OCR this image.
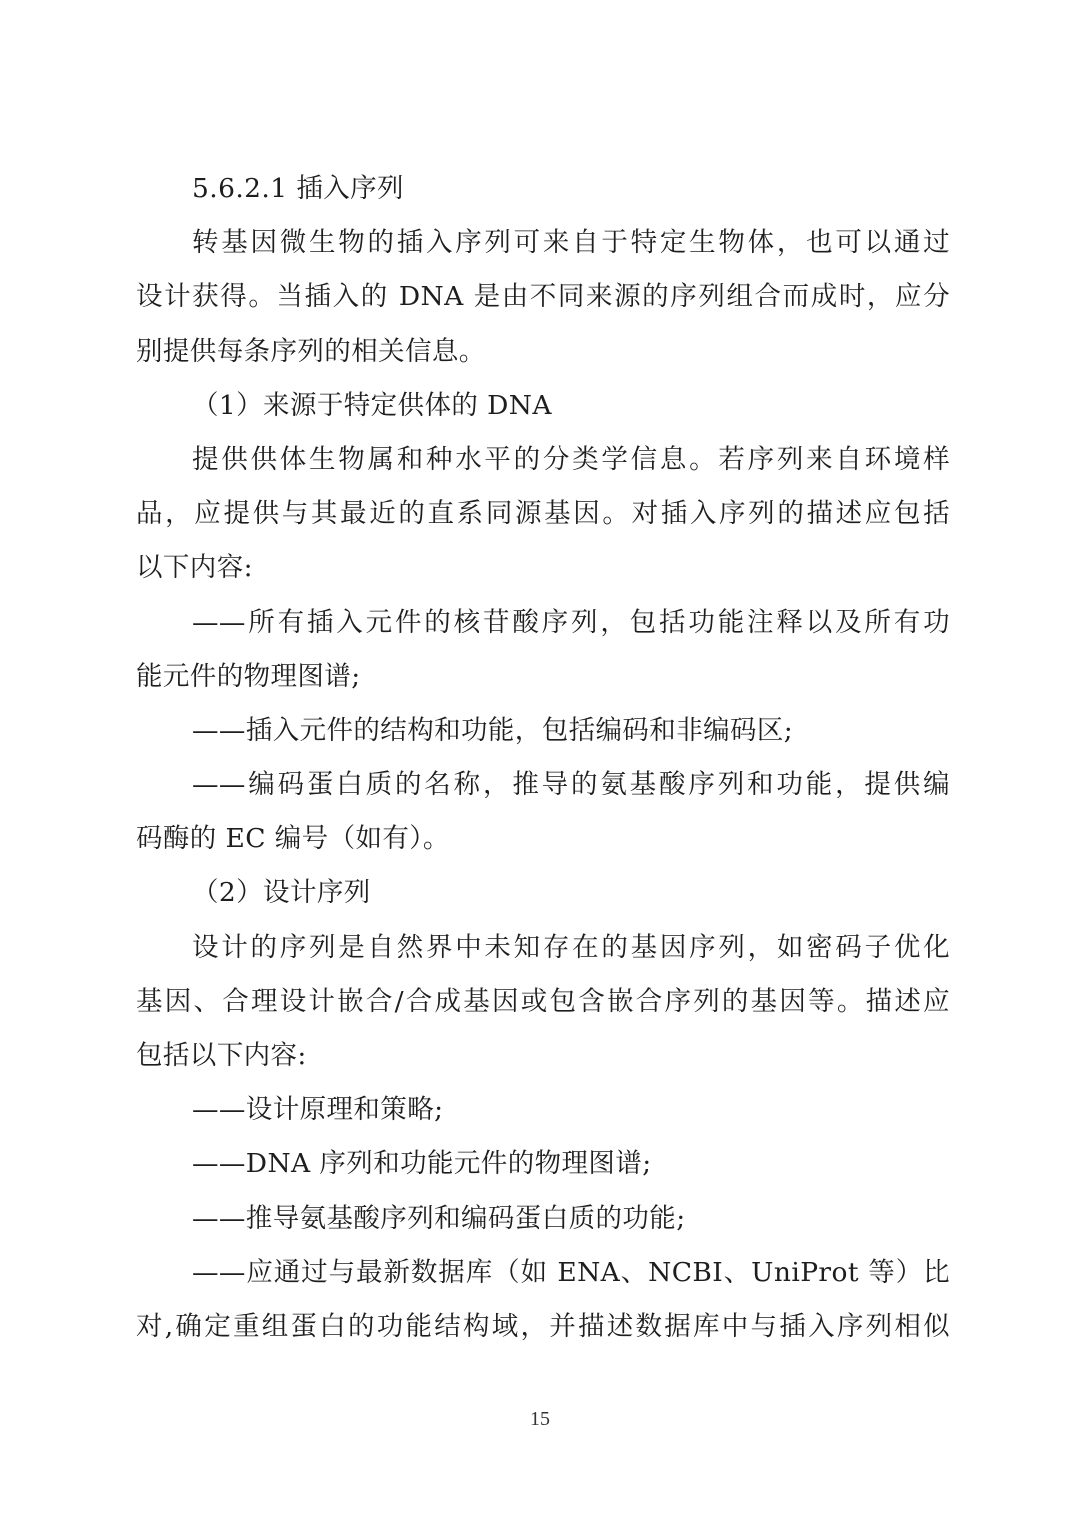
5.6.2.1 插入序列
转基因微生物的插入序列可来自于特定生物体，也可以通过
设计获得。当插入的 DNA 是由不同来源的序列组合而成时，应分
别提供每条序列的相关信息。
（1）来源于特定供体的 DNA
提供供体生物属和种水平的分类学信息。若序列来自环境样
品，应提供与其最近的直系同源基因。对插入序列的描述应包括
以下内容:
——所有插入元件的核苷酸序列，包括功能注释以及所有功
能元件的物理图谱;
——插入元件的结构和功能，包括编码和非编码区;
——编码蛋白质的名称，推导的氨基酸序列和功能，提供编
码酶的 EC 编号（如有）。
（2）设计序列
设计的序列是自然界中未知存在的基因序列，如密码子优化
基因、合理设计嵌合/合成基因或包含嵌合序列的基因等。描述应
包括以下内容:
——设计原理和策略;
——DNA 序列和功能元件的物理图谱;
——推导氨基酸序列和编码蛋白质的功能;
——应通过与最新数据库（如 ENA、NCBI、UniProt 等）比
对,确定重组蛋白的功能结构域，并描述数据库中与插入序列相似
15
